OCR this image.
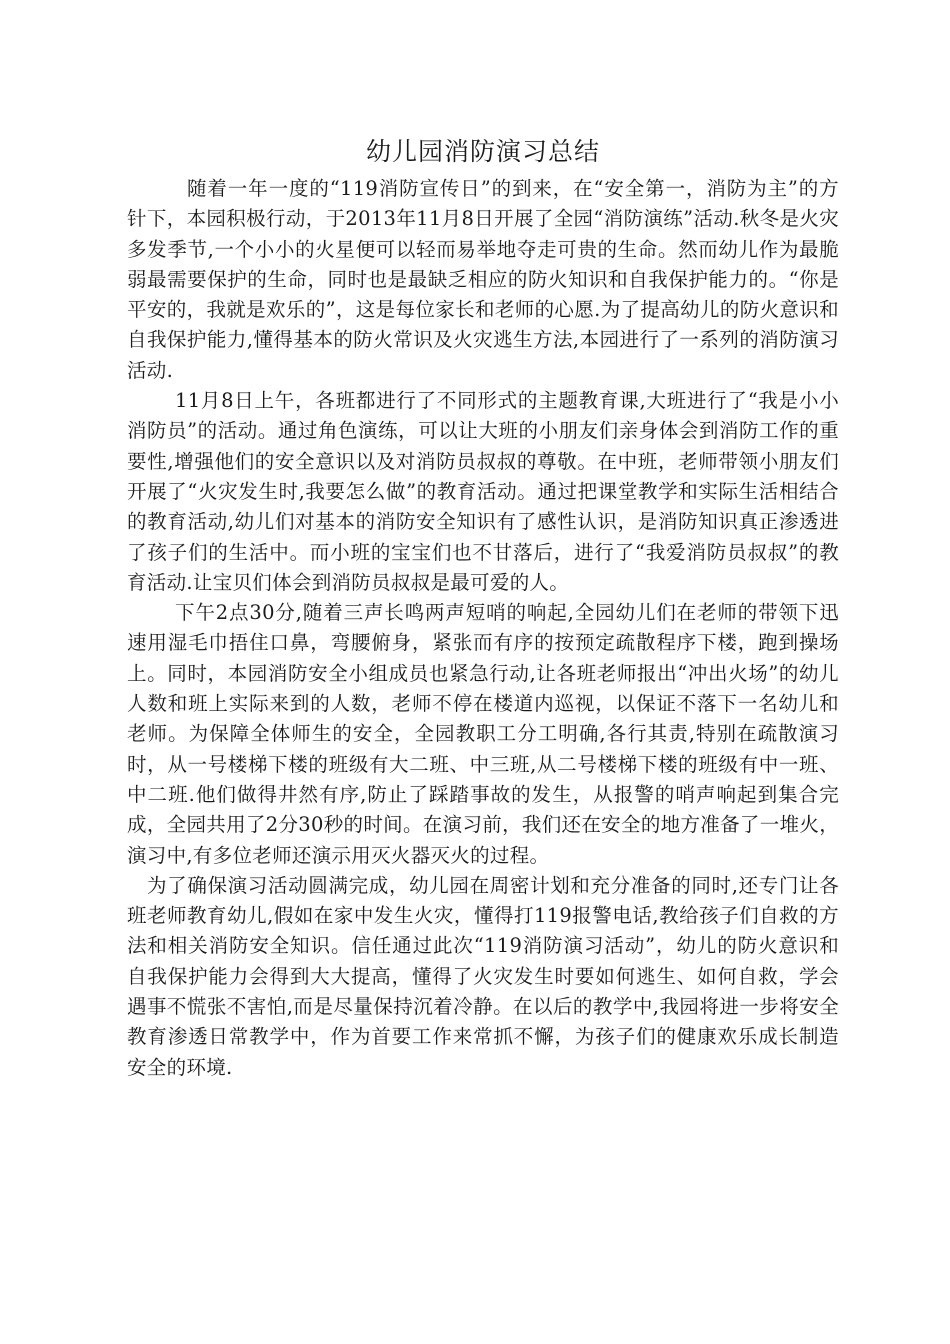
幼儿园消防演习总结

随着一年一度的“119消防宣传日”的到来，在“安全第一，消防为主”的方针下，本园积极行动，于2013年11月8日开展了全园“消防演练”活动.秋冬是火灾多发季节,一个小小的火星便可以轻而易举地夺走可贵的生命。然而幼儿作为最脆弱最需要保护的生命，同时也是最缺乏相应的防火知识和自我保护能力的。“你是平安的，我就是欢乐的”，这是每位家长和老师的心愿.为了提高幼儿的防火意识和自我保护能力,懂得基本的防火常识及火灾逃生方法,本园进行了一系列的消防演习活动.

11月8日上午，各班都进行了不同形式的主题教育课,大班进行了“我是小小消防员”的活动。通过角色演练，可以让大班的小朋友们亲身体会到消防工作的重要性,增强他们的安全意识以及对消防员叔叔的尊敬。在中班，老师带领小朋友们开展了“火灾发生时,我要怎么做”的教育活动。通过把课堂教学和实际生活相结合的教育活动,幼儿们对基本的消防安全知识有了感性认识，是消防知识真正渗透进了孩子们的生活中。而小班的宝宝们也不甘落后，进行了“我爱消防员叔叔”的教育活动.让宝贝们体会到消防员叔叔是最可爱的人。

下午2点30分,随着三声长鸣两声短哨的响起,全园幼儿们在老师的带领下迅速用湿毛巾捂住口鼻，弯腰俯身，紧张而有序的按预定疏散程序下楼，跑到操场上。同时，本园消防安全小组成员也紧急行动,让各班老师报出“冲出火场”的幼儿人数和班上实际来到的人数，老师不停在楼道内巡视，以保证不落下一名幼儿和老师。为保障全体师生的安全，全园教职工分工明确,各行其责,特别在疏散演习时，从一号楼梯下楼的班级有大二班、中三班,从二号楼梯下楼的班级有中一班、中二班.他们做得井然有序,防止了踩踏事故的发生，从报警的哨声响起到集合完成，全园共用了2分30秒的时间。在演习前，我们还在安全的地方准备了一堆火，演习中,有多位老师还演示用灭火器灭火的过程。

为了确保演习活动圆满完成，幼儿园在周密计划和充分准备的同时,还专门让各班老师教育幼儿,假如在家中发生火灾，懂得打119报警电话,教给孩子们自救的方法和相关消防安全知识。信任通过此次“119消防演习活动”，幼儿的防火意识和自我保护能力会得到大大提高，懂得了火灾发生时要如何逃生、如何自救，学会遇事不慌张不害怕,而是尽量保持沉着冷静。在以后的教学中,我园将进一步将安全教育渗透日常教学中，作为首要工作来常抓不懈，为孩子们的健康欢乐成长制造安全的环境.
